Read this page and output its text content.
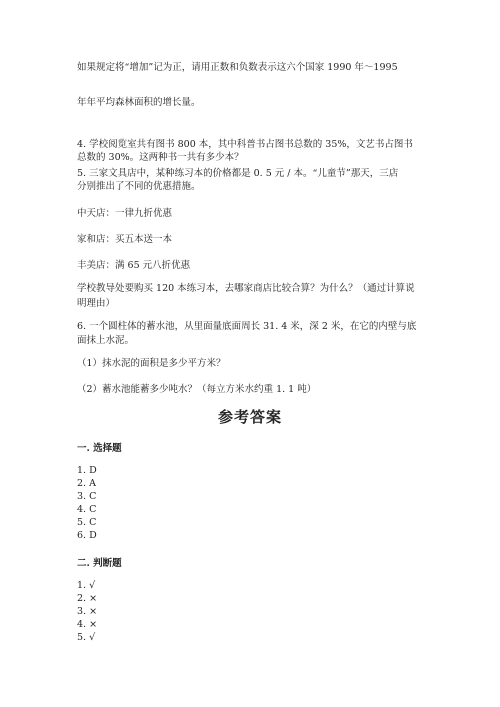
如果规定将“增加”记为正，请用正数和负数表示这六个国家 1990 年～1995

年年平均森林面积的增长量。

4. 学校阅览室共有图书 800 本，其中科普书占图书总数的 35%，文艺书占图书

总数的 30%。这两种书一共有多少本？

5. 三家文具店中，某种练习本的价格都是 0. 5 元 / 本。“儿童节”那天，三店

分别推出了不同的优惠措施。

中天店：一律九折优惠

家和店：买五本送一本

丰美店：满 65 元八折优惠

学校教导处要购买 120 本练习本，去哪家商店比较合算？为什么？（通过计算说

明理由）

6. 一个圆柱体的蓄水池，从里面量底面周长 31. 4 米，深 2 米，在它的内壁与底

面抹上水泥。

（1）抹水泥的面积是多少平方米？

（2）蓄水池能蓄多少吨水？（每立方米水约重 1. 1 吨）

参考答案
一. 选择题
1. D
2. A
3. C
4. C
5. C
6. D
二. 判断题
1. √
2. ×
3. ×
4. ×
5. √
